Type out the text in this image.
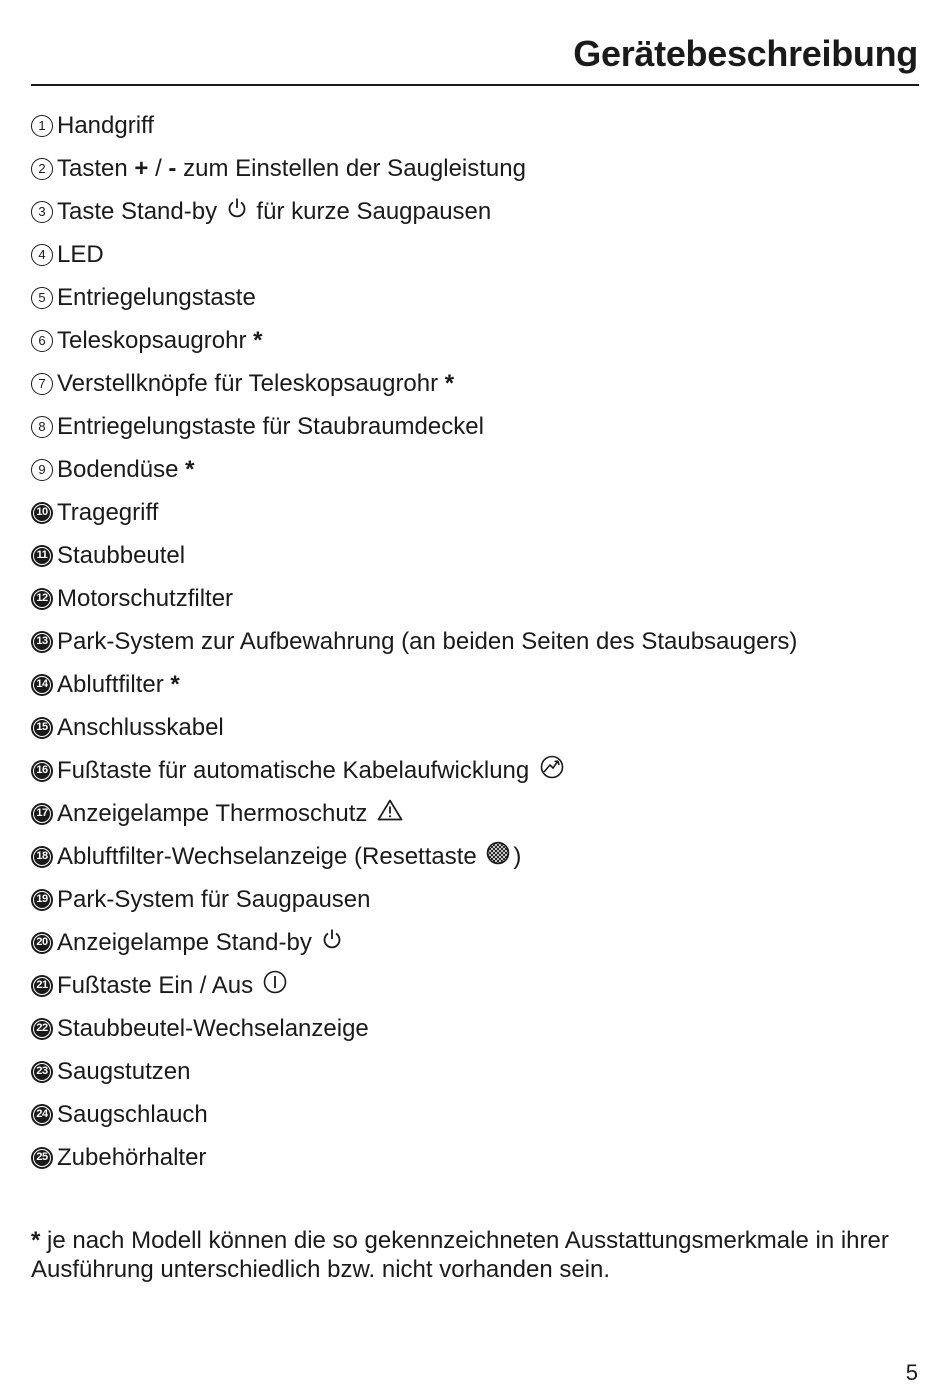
Gerätebeschreibung
1 Handgriff
2 Tasten + / - zum Einstellen der Saugleistung
3 Taste Stand-by für kurze Saugpausen
4 LED
5 Entriegelungstaste
6 Teleskopsaugrohr
*
7 Verstellknöpfe für Teleskopsaugrohr
*
8 Entriegelungstaste für Staubraumdeckel
9 Bodendüse
*
10 Tragegriff
11 Staubbeutel
12 Motorschutzfilter
13 Park-System zur Aufbewahrung (an beiden Seiten des Staubsaugers)
14 Abluftfilter
*
15 Anschlusskabel
16 Fußtaste für automatische Kabelaufwicklung
17 Anzeigelampe Thermoschutz
18 Abluftfilter-Wechselanzeige (Resettaste )
19 Park-System für Saugpausen
20 Anzeigelampe Stand-by
21 Fußtaste Ein / Aus
22 Staubbeutel-Wechselanzeige
23 Saugstutzen
24 Saugschlauch
25 Zubehörhalter
* je nach Modell können die so gekennzeichneten Ausstattungsmerkmale in ihrer Ausführung unterschiedlich bzw. nicht vorhanden sein.
5
